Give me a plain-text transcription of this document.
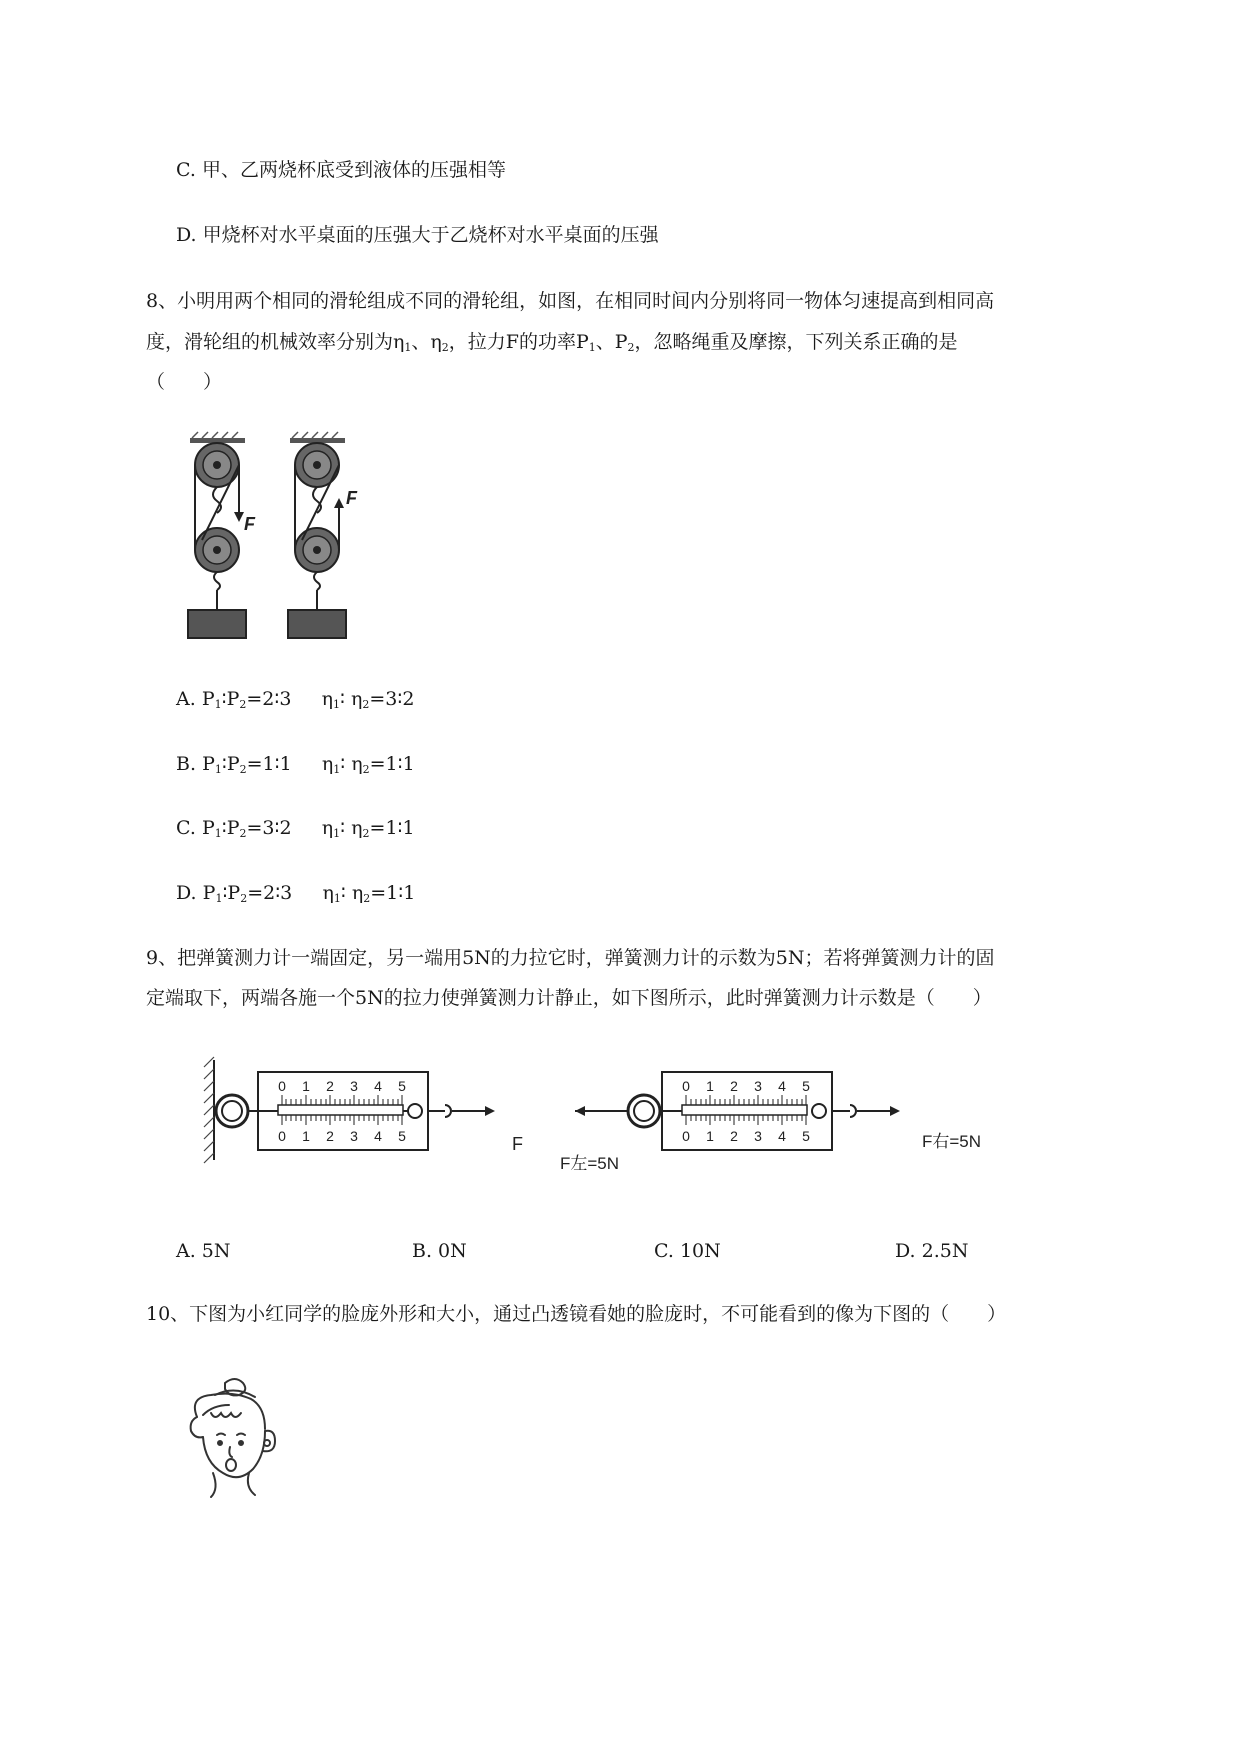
C. 甲、乙两烧杯底受到液体的压强相等
D. 甲烧杯对水平桌面的压强大于乙烧杯对水平桌面的压强
8、小明用两个相同的滑轮组成不同的滑轮组，如图，在相同时间内分别将同一物体匀速提高到相同高
度，滑轮组的机械效率分别为$\eta_1$、$\eta_2$，拉力F的功率$P_1$、$P_2$，忽略绳重及摩擦，下列关系正确的是
（　　）
F
F
A. $P_1∶P_2=2∶3$ $\eta_1∶$ $\eta_2=3∶2$
B. $P_1∶P_2=1∶1$ $\eta_1∶$ $\eta_2=1∶1$
C. $P_1∶P_2=3∶2$ $\eta_1∶$ $\eta_2=1∶1$
D. $P_1∶P_2=2∶3$ $\eta_1∶$ $\eta_2=1∶1$
9、把弹簧测力计一端固定，另一端用5N的力拉它时，弹簧测力计的示数为5N；若将弹簧测力计的固
定端取下，两端各施一个5N的拉力使弹簧测力计静止，如下图所示，此时弹簧测力计示数是（　　）
0 1 2 3 4 5
0 1 2 3 4 5	F
0 1 2 3 4 5
0 1 2 3 4 5
F左=5N
F右=5N
A. 5N	B. 0N	C. 10N	D. 2.5N
10、下图为小红同学的脸庞外形和大小，通过凸透镜看她的脸庞时，不可能看到的像为下图的（　　）
